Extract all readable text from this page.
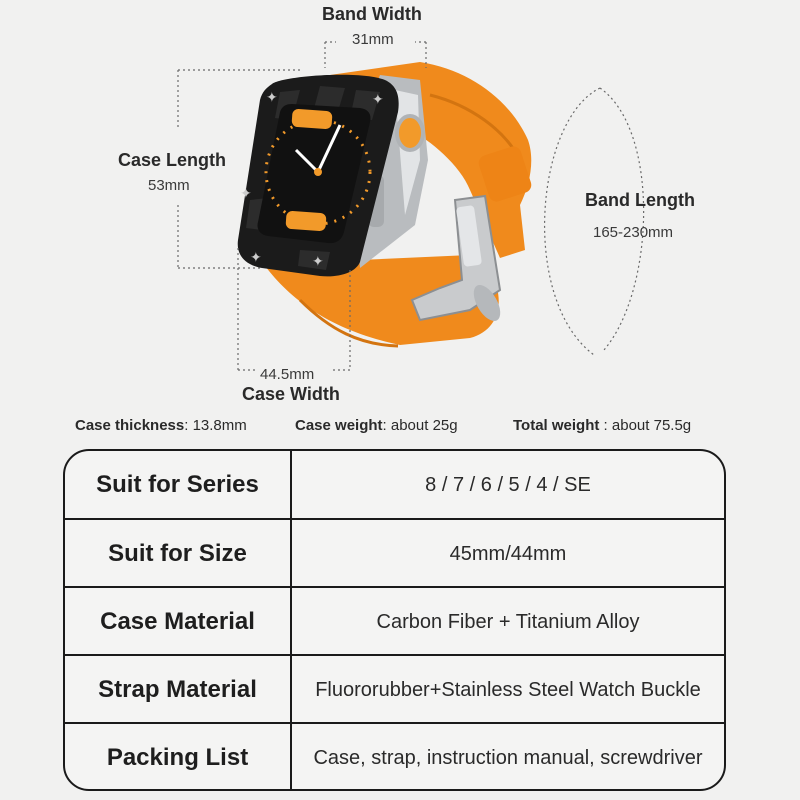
✦	✦
✦
✦	✦
Band Width
31mm
Case Length
53mm
Band Length
165-230mm
44.5mm
Case Width
Case thickness: 13.8mm	Case weight: about 25g	Total weight : about 75.5g
Suit for Series	8 / 7 / 6 / 5 / 4 / SE
Suit for Size	45mm/44mm
Case Material	Carbon Fiber + Titanium Alloy
Strap Material	Fluororubber+Stainless Steel Watch Buckle
Packing List	Case, strap, instruction manual, screwdriver
